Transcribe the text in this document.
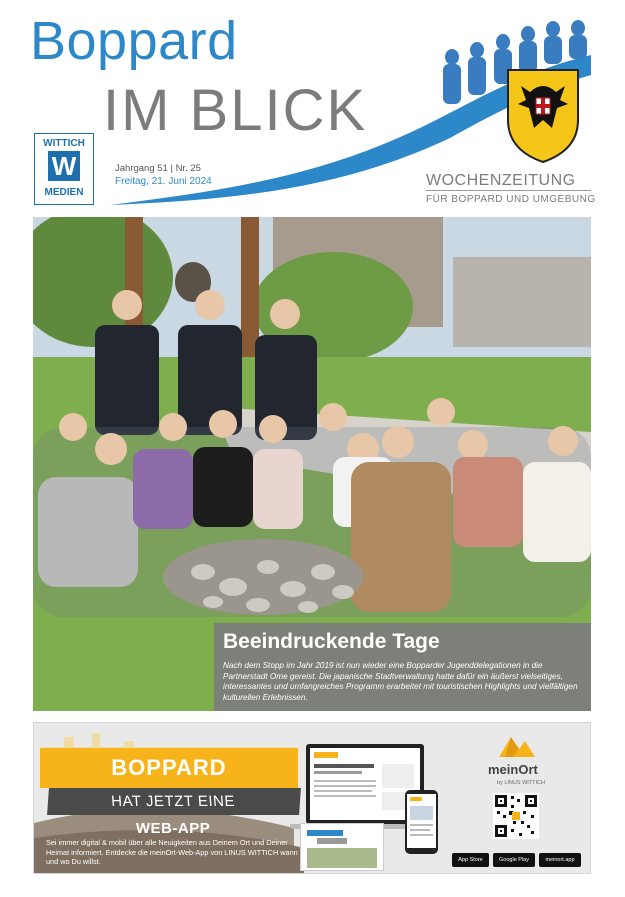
Boppard
IM BLICK
WITTICH
W
MEDIEN
Jahrgang 51 | Nr. 25
Freitag, 21. Juni 2024	WOCHENZEITUNG
FÜR BOPPARD UND UMGEBUNG
Beeindruckende Tage
Nach dem Stopp im Jahr 2019 ist nun wieder eine Bopparder Jugenddelegationen in die Partnerstadt Ome gereist. Die japanische Stadtverwaltung hatte dafür ein äußerst vielseitiges, interessantes und umfangreiches Programm erarbeitet mit touristischen Highlights und vielfältigen kulturellen Erlebnissen.
BOPPARD
HAT JETZT EINE
WEB-APP
Sei immer digital & mobil über alle Neuigkeiten aus Deinem Ort und Deiner Heimat informiert. Entdecke die meinOrt-Web-App von LINUS WITTICH wann und wo Du willst.
meinOrt
by LINUS WITTICH
App Store	Google Play	meinort.app
